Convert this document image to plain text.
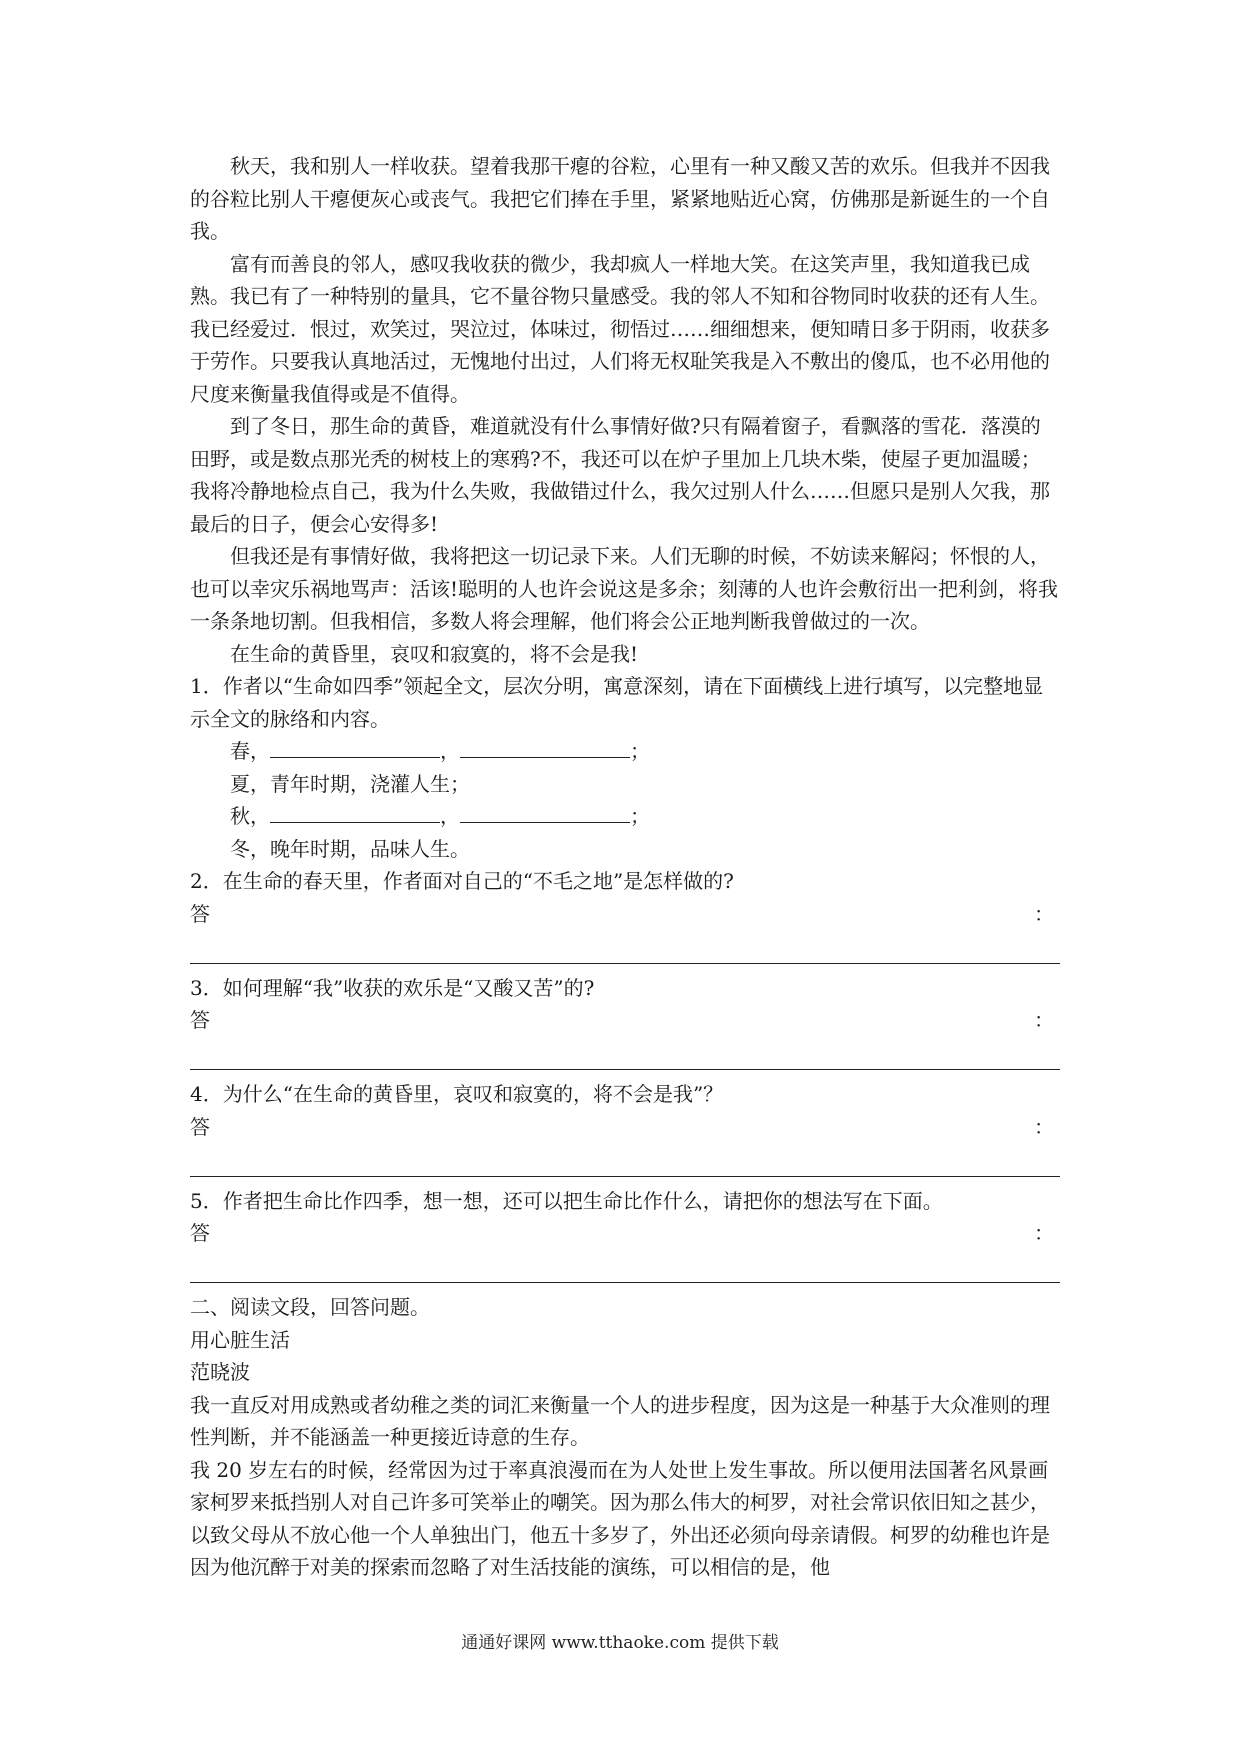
秋天，我和别人一样收获。望着我那干瘪的谷粒，心里有一种又酸又苦的欢乐。但我并不因我的谷粒比别人干瘪便灰心或丧气。我把它们捧在手里，紧紧地贴近心窝，仿佛那是新诞生的一个自我。

富有而善良的邻人，感叹我收获的微少，我却疯人一样地大笑。在这笑声里，我知道我已成熟。我已有了一种特别的量具，它不量谷物只量感受。我的邻人不知和谷物同时收获的还有人生。我已经爱过．恨过，欢笑过，哭泣过，体味过，彻悟过……细细想来，便知晴日多于阴雨，收获多于劳作。只要我认真地活过，无愧地付出过，人们将无权耻笑我是入不敷出的傻瓜，也不必用他的尺度来衡量我值得或是不值得。

到了冬日，那生命的黄昏，难道就没有什么事情好做?只有隔着窗子，看飘落的雪花．落漠的田野，或是数点那光秃的树枝上的寒鸦?不，我还可以在炉子里加上几块木柴，使屋子更加温暖；我将冷静地检点自己，我为什么失败，我做错过什么，我欠过别人什么……但愿只是别人欠我，那最后的日子，便会心安得多!

但我还是有事情好做，我将把这一切记录下来。人们无聊的时候，不妨读来解闷；怀恨的人，也可以幸灾乐祸地骂声：活该!聪明的人也许会说这是多余；刻薄的人也许会敷衍出一把利剑，将我一条条地切割。但我相信，多数人将会理解，他们将会公正地判断我曾做过的一次。

在生命的黄昏里，哀叹和寂寞的，将不会是我!

1．作者以“生命如四季”领起全文，层次分明，寓意深刻，请在下面横线上进行填写，以完整地显示全文的脉络和内容。

春，	，	；
夏，青年时期，浇灌人生；
秋，	，	；
冬，晚年时期，品味人生。

2．在生命的春天里，作者面对自己的“不毛之地”是怎样做的?

答	：

3．如何理解“我”收获的欢乐是“又酸又苦”的?

答	：

4．为什么“在生命的黄昏里，哀叹和寂寞的，将不会是我”？

答	：

5．作者把生命比作四季，想一想，还可以把生命比作什么，请把你的想法写在下面。

答	：

二、阅读文段，回答问题。

用心脏生活

范晓波

我一直反对用成熟或者幼稚之类的词汇来衡量一个人的进步程度，因为这是一种基于大众准则的理性判断，并不能涵盖一种更接近诗意的生存。

我 20 岁左右的时候，经常因为过于率真浪漫而在为人处世上发生事故。所以便用法国著名风景画家柯罗来抵挡别人对自己许多可笑举止的嘲笑。因为那么伟大的柯罗，对社会常识依旧知之甚少，以致父母从不放心他一个人单独出门，他五十多岁了，外出还必须向母亲请假。柯罗的幼稚也许是因为他沉醉于对美的探索而忽略了对生活技能的演练，可以相信的是，他

通通好课网 www.tthaoke.com 提供下载
